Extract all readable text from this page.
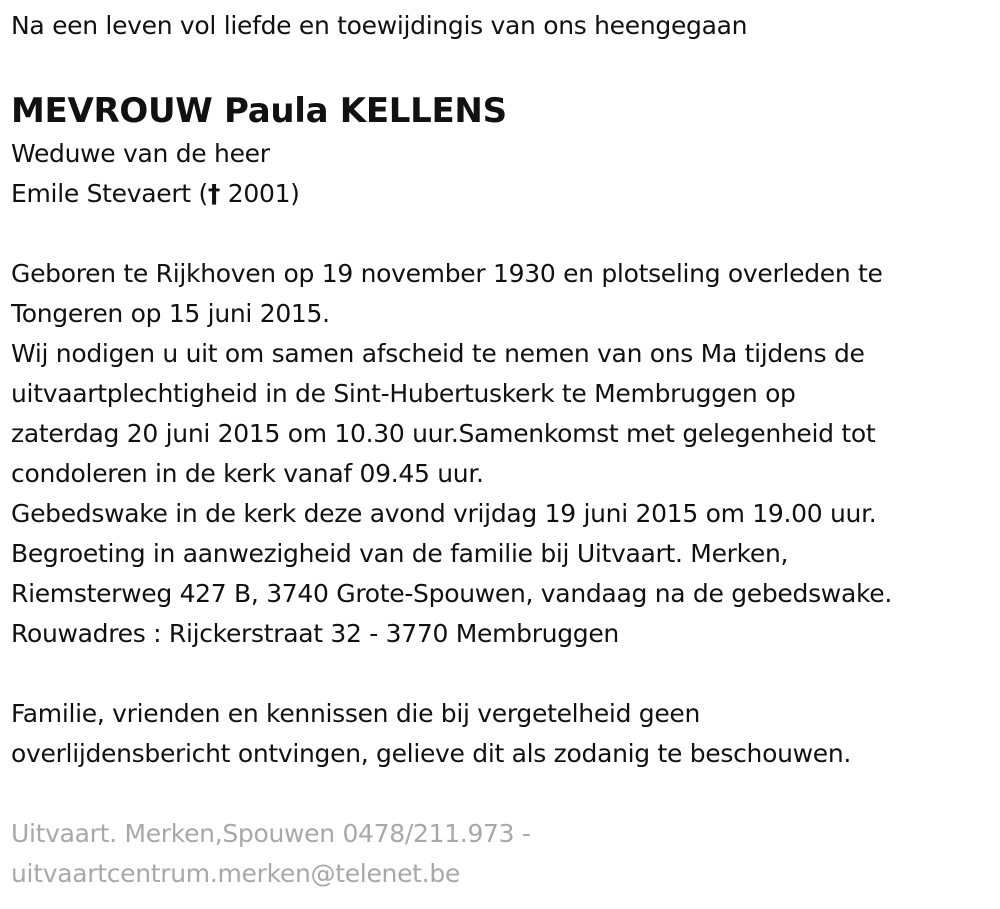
Na een leven vol liefde en toewijdingis van ons heengegaan
MEVROUW Paula KELLENS
Weduwe van de heer
Emile Stevaert († 2001)
Geboren te Rijkhoven op 19 november 1930 en plotseling overleden te
Tongeren op 15 juni 2015.
Wij nodigen u uit om samen afscheid te nemen van ons Ma tijdens de
uitvaartplechtigheid in de Sint-Hubertuskerk te Membruggen op
zaterdag 20 juni 2015 om 10.30 uur.Samenkomst met gelegenheid tot
condoleren in de kerk vanaf 09.45 uur.
Gebedswake in de kerk deze avond vrijdag 19 juni 2015 om 19.00 uur.
Begroeting in aanwezigheid van de familie bij Uitvaart. Merken,
Riemsterweg 427 B, 3740 Grote-Spouwen, vandaag na de gebedswake.
Rouwadres : Rijckerstraat 32 - 3770 Membruggen
Familie, vrienden en kennissen die bij vergetelheid geen
overlijdensbericht ontvingen, gelieve dit als zodanig te beschouwen.
Uitvaart. Merken,Spouwen 0478/211.973 -
uitvaartcentrum.merken@telenet.be
